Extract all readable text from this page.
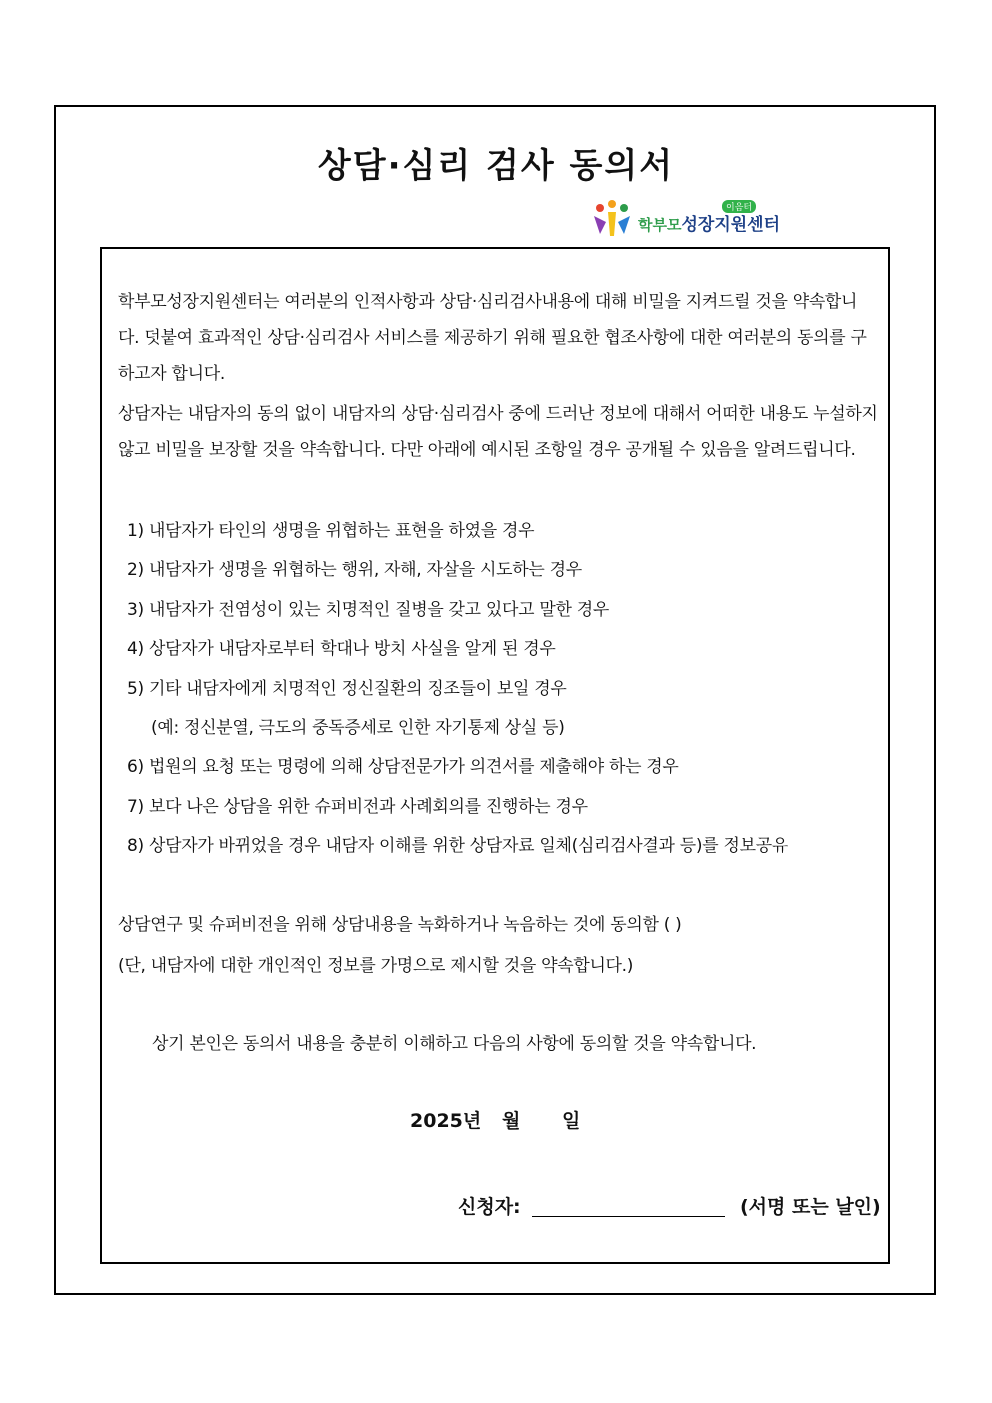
상담·심리 검사 동의서
이음터
학부모성장지원센터

학부모성장지원센터는 여러분의 인적사항과 상담·심리검사내용에 대해 비밀을 지켜드릴 것을 약속합니다. 덧붙여 효과적인 상담·심리검사 서비스를 제공하기 위해 필요한 협조사항에 대한 여러분의 동의를 구하고자 합니다.

상담자는 내담자의 동의 없이 내담자의 상담·심리검사 중에 드러난 정보에 대해서 어떠한 내용도 누설하지 않고 비밀을 보장할 것을 약속합니다. 다만 아래에 예시된 조항일 경우 공개될 수 있음을 알려드립니다.

1) 내담자가 타인의 생명을 위협하는 표현을 하였을 경우
2) 내담자가 생명을 위협하는 행위, 자해, 자살을 시도하는 경우
3) 내담자가 전염성이 있는 치명적인 질병을 갖고 있다고 말한 경우
4) 상담자가 내담자로부터 학대나 방치 사실을 알게 된 경우
5) 기타 내담자에게 치명적인 정신질환의 징조들이 보일 경우
(예: 정신분열, 극도의 중독증세로 인한 자기통제 상실 등)
6) 법원의 요청 또는 명령에 의해 상담전문가가 의견서를 제출해야 하는 경우
7) 보다 나은 상담을 위한 슈퍼비전과 사례회의를 진행하는 경우
8) 상담자가 바뀌었을 경우 내담자 이해를 위한 상담자료 일체(심리검사결과 등)를 정보공유
상담연구 및 슈퍼비전을 위해 상담내용을 녹화하거나 녹음하는 것에 동의함 ( )
(단, 내담자에 대한 개인적인 정보를 가명으로 제시할 것을 약속합니다.)
상기 본인은 동의서 내용을 충분히 이해하고 다음의 사항에 동의할 것을 약속합니다.
2025년 월 일
신청자:	(서명 또는 날인)
